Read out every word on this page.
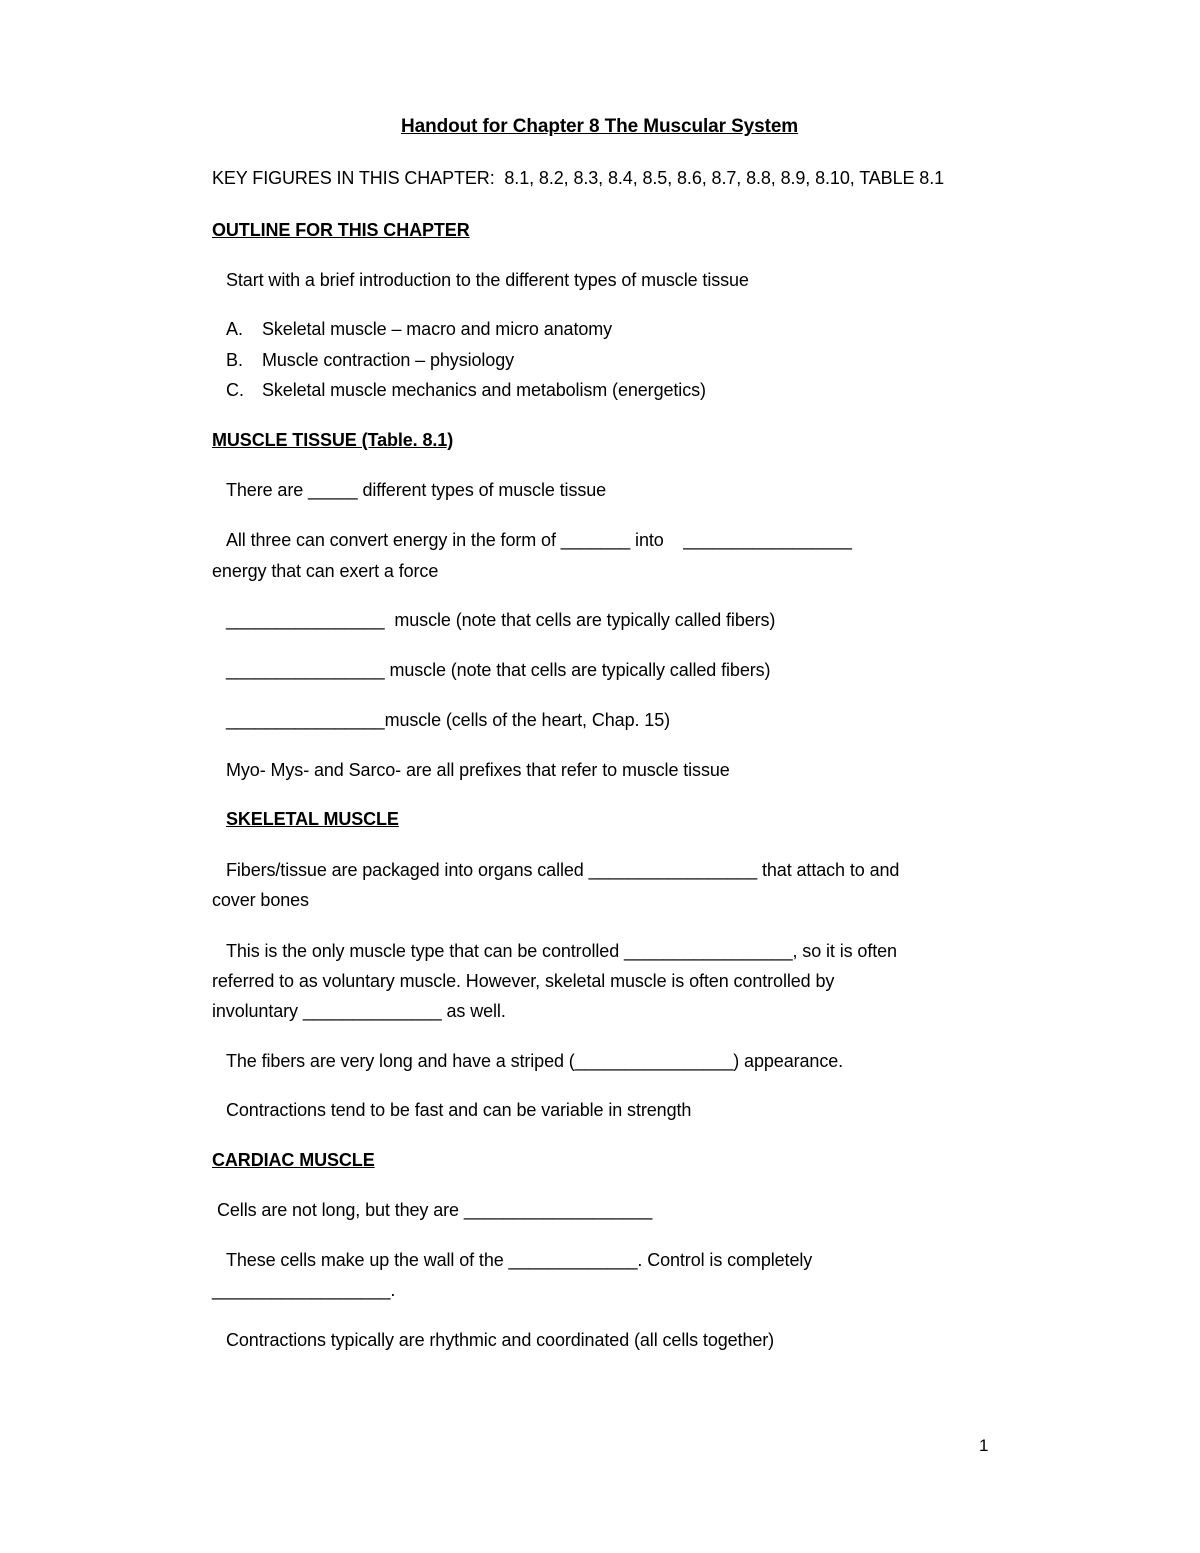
Handout for Chapter 8 The Muscular System
KEY FIGURES IN THIS CHAPTER:  8.1, 8.2, 8.3, 8.4, 8.5, 8.6, 8.7, 8.8, 8.9, 8.10, TABLE 8.1
OUTLINE FOR THIS CHAPTER
Start with a brief introduction to the different types of muscle tissue
A. Skeletal muscle – macro and micro anatomy
B. Muscle contraction – physiology
C. Skeletal muscle mechanics and metabolism (energetics)
MUSCLE TISSUE (Table. 8.1)
There are _____ different types of muscle tissue
All three can convert energy in the form of _______ into    _________________
energy that can exert a force
________________  muscle (note that cells are typically called fibers)
________________ muscle (note that cells are typically called fibers)
________________muscle (cells of the heart, Chap. 15)
Myo- Mys- and Sarco- are all prefixes that refer to muscle tissue
SKELETAL MUSCLE
Fibers/tissue are packaged into organs called _________________ that attach to and
cover bones
This is the only muscle type that can be controlled _________________, so it is often
referred to as voluntary muscle. However, skeletal muscle is often controlled by
involuntary ______________ as well.
The fibers are very long and have a striped (________________) appearance.
Contractions tend to be fast and can be variable in strength
CARDIAC MUSCLE
Cells are not long, but they are ___________________
These cells make up the wall of the _____________. Control is completely
__________________.
Contractions typically are rhythmic and coordinated (all cells together)
1
